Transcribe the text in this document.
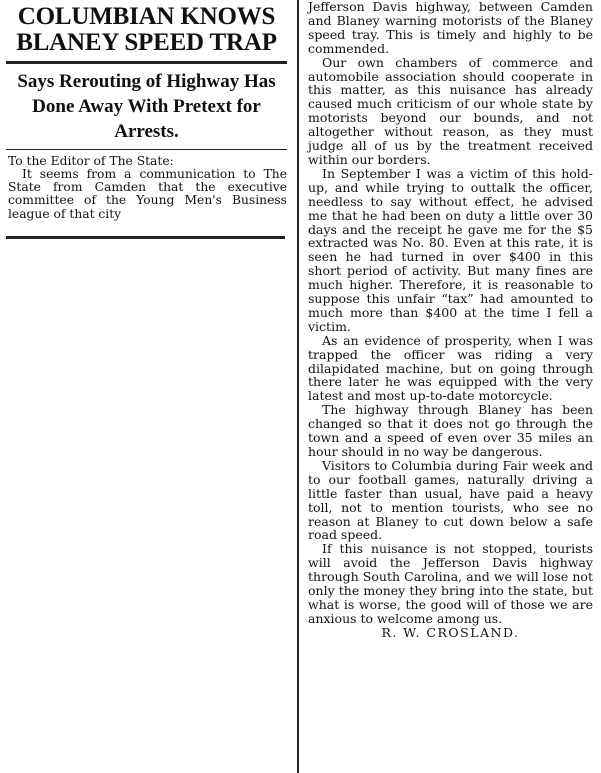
COLUMBIAN KNOWS BLANEY SPEED TRAP
Says Rerouting of Highway Has Done Away With Pretext for Arrests.

To the Editor of The State:

It seems from a communication to The State from Camden that the executive committee of the Young Men's Business league of that city

Jefferson Davis highway, between Camden and Blaney warning motorists of the Blaney speed tray. This is timely and highly to be commended.

Our own chambers of commerce and automobile association should cooperate in this matter, as this nuisance has already caused much criticism of our whole state by motorists beyond our bounds, and not altogether without reason, as they must judge all of us by the treatment received within our borders.

In September I was a victim of this hold-up, and while trying to outtalk the officer, needless to say without effect, he advised me that he had been on duty a little over 30 days and the receipt he gave me for the $5 extracted was No. 80. Even at this rate, it is seen he had turned in over $400 in this short period of activity. But many fines are much higher. Therefore, it is reasonable to suppose this unfair “tax” had amounted to much more than $400 at the time I fell a victim.

As an evidence of prosperity, when I was trapped the officer was riding a very dilapidated machine, but on going through there later he was equipped with the very latest and most up-to-date motorcycle.

The highway through Blaney has been changed so that it does not go through the town and a speed of even over 35 miles an hour should in no way be dangerous.

Visitors to Columbia during Fair week and to our football games, naturally driving a little faster than usual, have paid a heavy toll, not to mention tourists, who see no reason at Blaney to cut down below a safe road speed.

If this nuisance is not stopped, tourists will avoid the Jefferson Davis highway through South Carolina, and we will lose not only the money they bring into the state, but what is worse, the good will of those we are anxious to welcome among us.

R. W. CROSLAND.
